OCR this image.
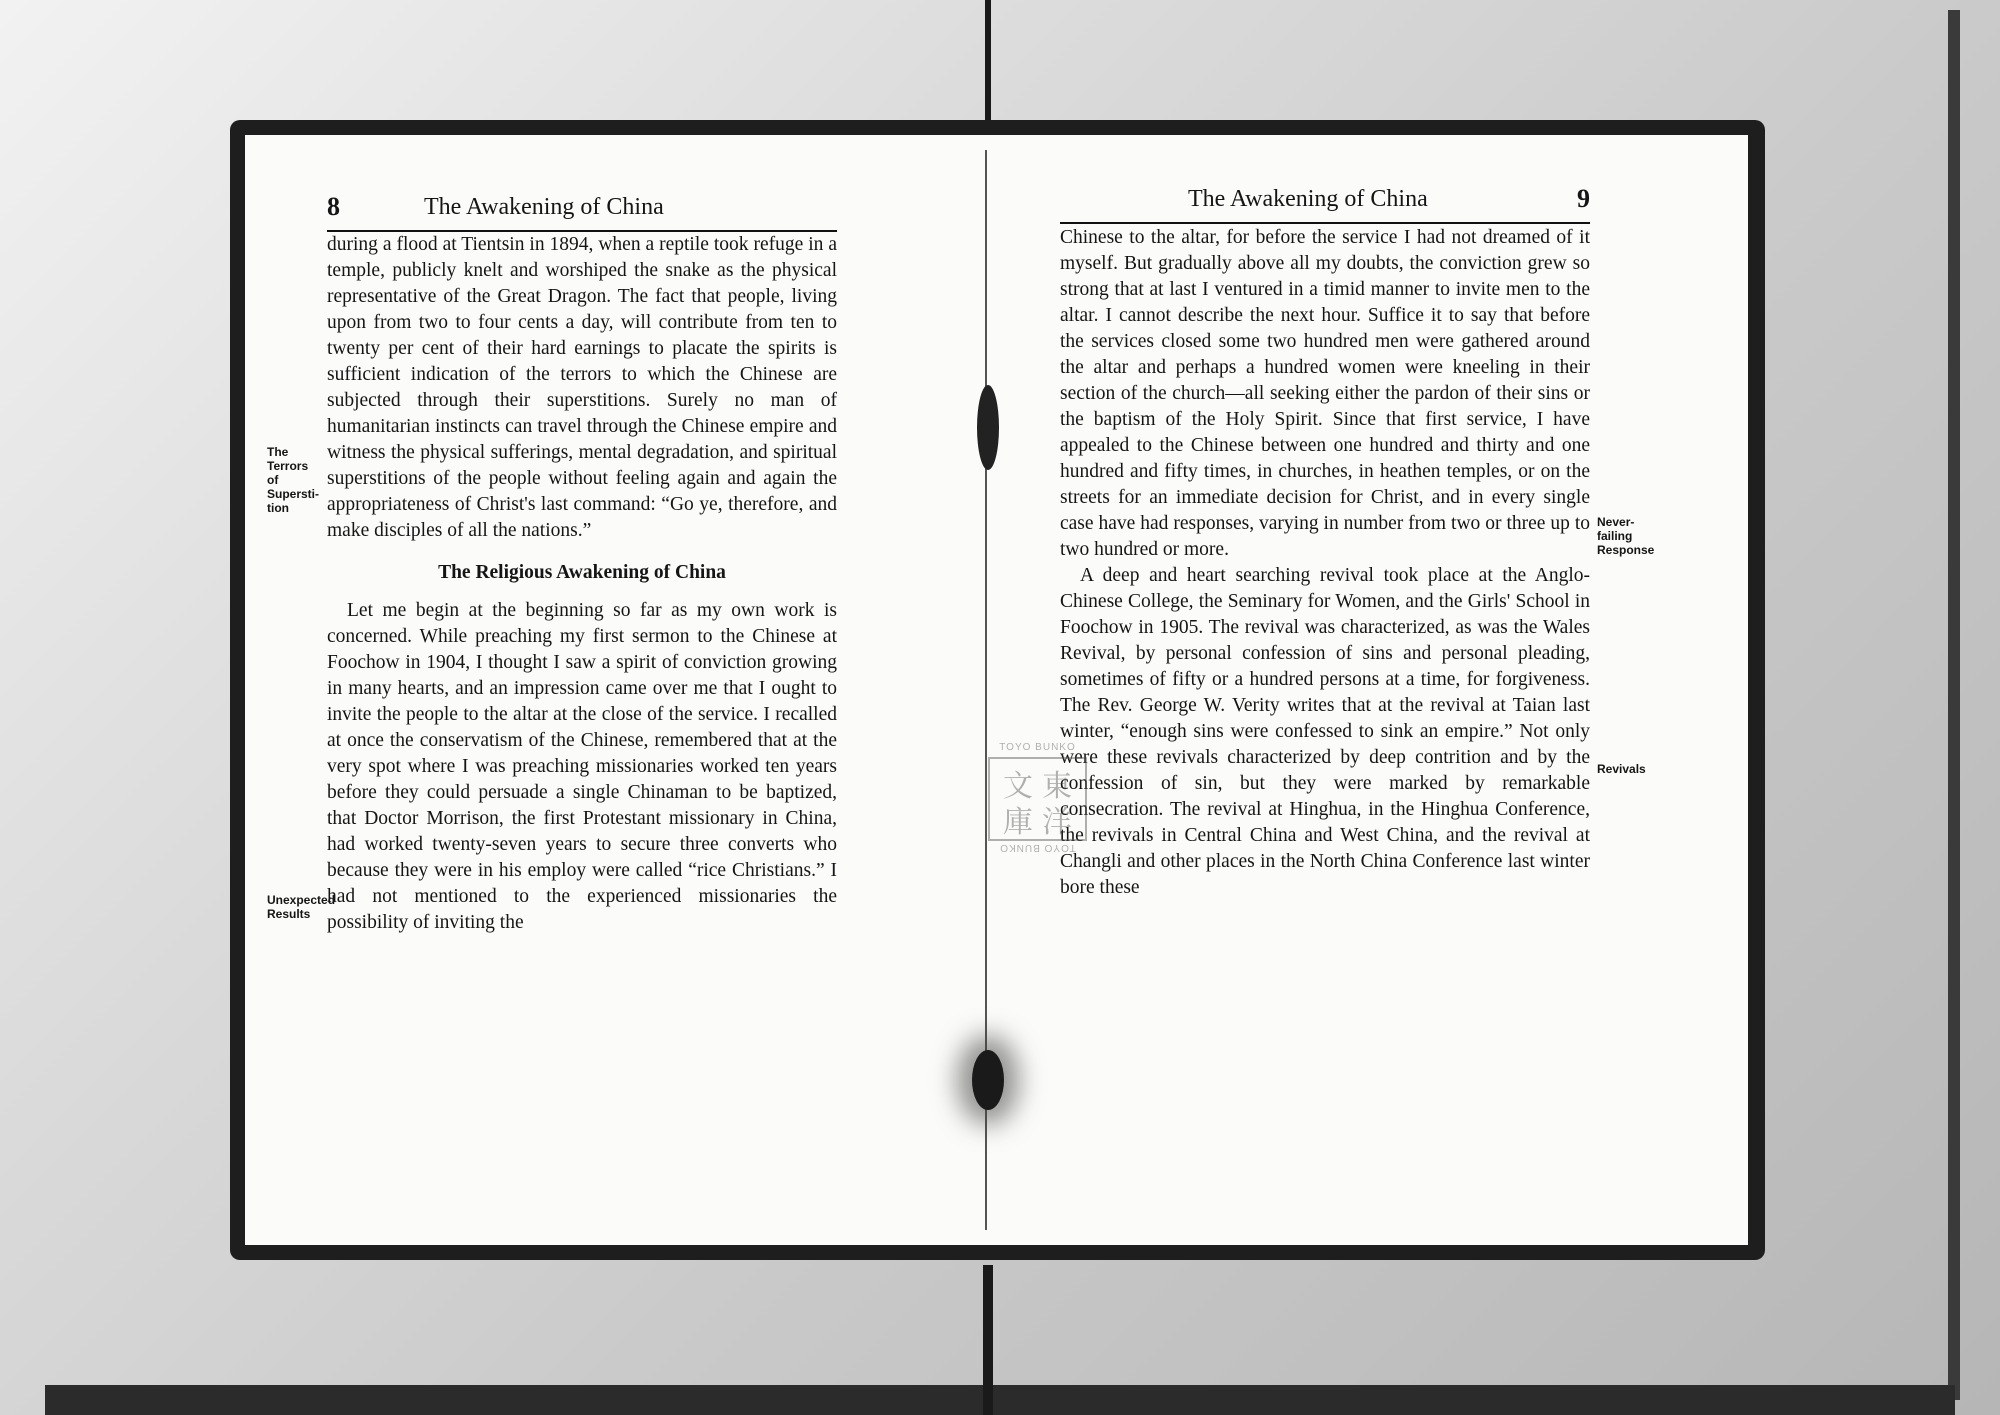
8	The Awakening of China

during a flood at Tientsin in 1894, when a reptile took refuge in a temple, publicly knelt and worshiped the snake as the physical representative of the Great Dragon. The fact that people, living upon from two to four cents a day, will contribute from ten to twenty per cent of their hard earnings to placate the spirits is sufficient indication of the terrors to which the Chinese are subjected through their superstitions. Surely no man of humanitarian instincts can travel through the Chinese empire and witness the physical sufferings, mental degradation, and spiritual superstitions of the people without feeling again and again the appropriateness of Christ's last command: “Go ye, therefore, and make disciples of all the nations.”

The Religious Awakening of China

Let me begin at the beginning so far as my own work is concerned. While preaching my first sermon to the Chinese at Foochow in 1904, I thought I saw a spirit of conviction growing in many hearts, and an impression came over me that I ought to invite the people to the altar at the close of the service. I recalled at once the conservatism of the Chinese, remembered that at the very spot where I was preaching missionaries worked ten years before they could persuade a single Chinaman to be baptized, that Doctor Morrison, the first Protestant missionary in China, had worked twenty-seven years to secure three converts who because they were in his employ were called “rice Christians.” I had not mentioned to the experienced missionaries the possibility of inviting the

The
Terrors
of
Supersti-
tion
Unexpected
Results
The Awakening of China	9

Chinese to the altar, for before the service I had not dreamed of it myself. But gradually above all my doubts, the conviction grew so strong that at last I ventured in a timid manner to invite men to the altar. I cannot describe the next hour. Suffice it to say that before the services closed some two hundred men were gathered around the altar and perhaps a hundred women were kneeling in their section of the church—all seeking either the pardon of their sins or the baptism of the Holy Spirit. Since that first service, I have appealed to the Chinese between one hundred and thirty and one hundred and fifty times, in churches, in heathen temples, or on the streets for an immediate decision for Christ, and in every single case have had responses, varying in number from two or three up to two hundred or more.

A deep and heart searching revival took place at the Anglo-Chinese College, the Seminary for Women, and the Girls' School in Foochow in 1905. The revival was characterized, as was the Wales Revival, by personal confession of sins and personal pleading, sometimes of fifty or a hundred persons at a time, for forgiveness. The Rev. George W. Verity writes that at the revival at Taian last winter, “enough sins were confessed to sink an empire.” Not only were these revivals characterized by deep contrition and by the confession of sin, but they were marked by remarkable consecration. The revival at Hinghua, in the Hinghua Conference, the revivals in Central China and West China, and the revival at Changli and other places in the North China Conference last winter bore these

Never-
failing
Response
Revivals
TOYO BUNKO
東
洋
文
庫
TOYO BUNKO
